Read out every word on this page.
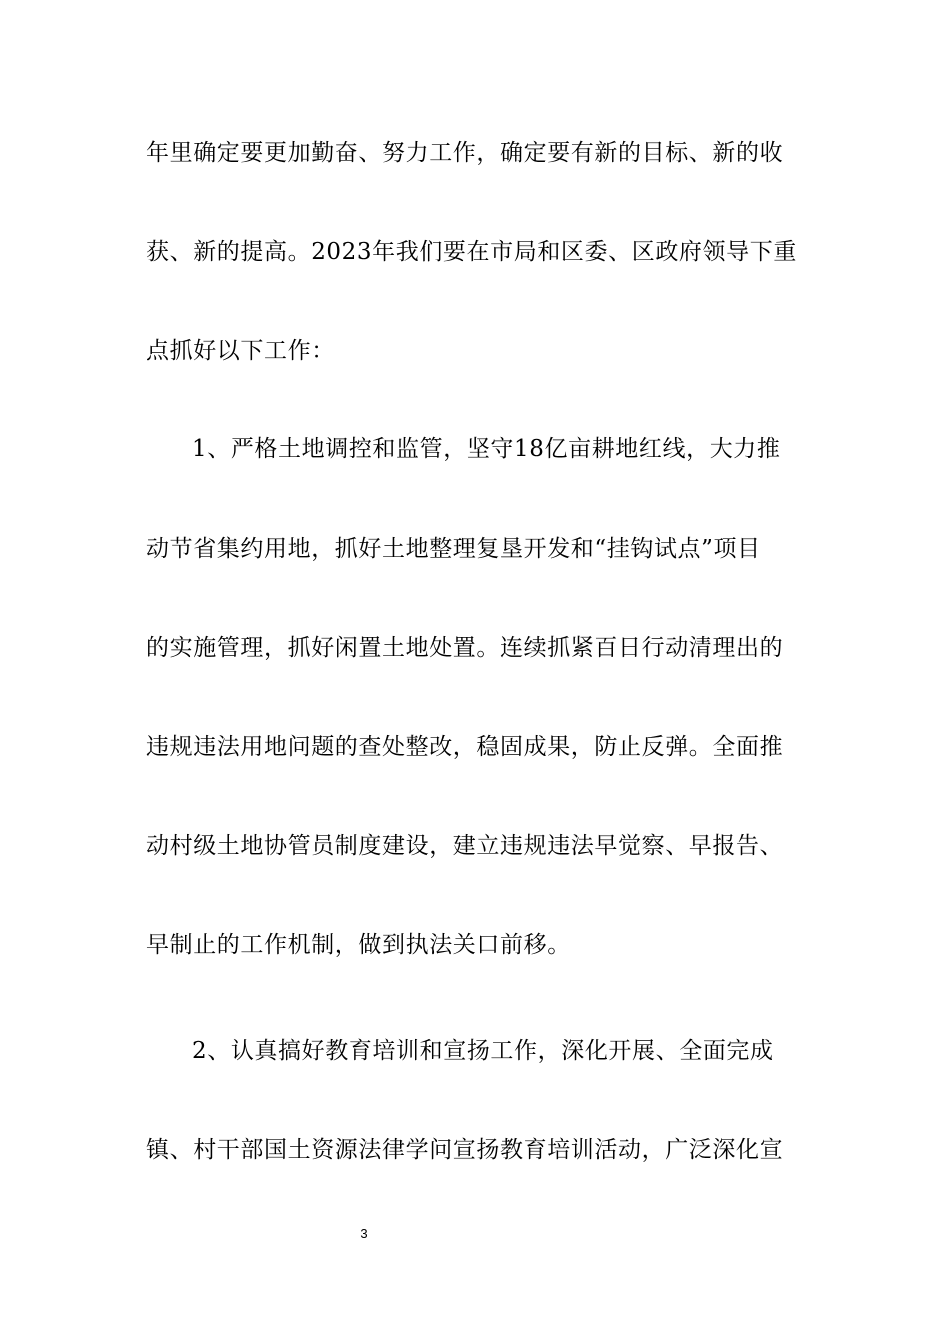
年里确定要更加勤奋、努力工作，确定要有新的目标、新的收
获、新的提高。2023年我们要在市局和区委、区政府领导下重
点抓好以下工作：
1、严格土地调控和监管，坚守18亿亩耕地红线，大力推
动节省集约用地，抓好土地整理复垦开发和“挂钩试点”项目
的实施管理，抓好闲置土地处置。连续抓紧百日行动清理出的
违规违法用地问题的查处整改，稳固成果，防止反弹。全面推
动村级土地协管员制度建设，建立违规违法早觉察、早报告、
早制止的工作机制，做到执法关口前移。
2、认真搞好教育培训和宣扬工作，深化开展、全面完成
镇、村干部国土资源法律学问宣扬教育培训活动，广泛深化宣
3
